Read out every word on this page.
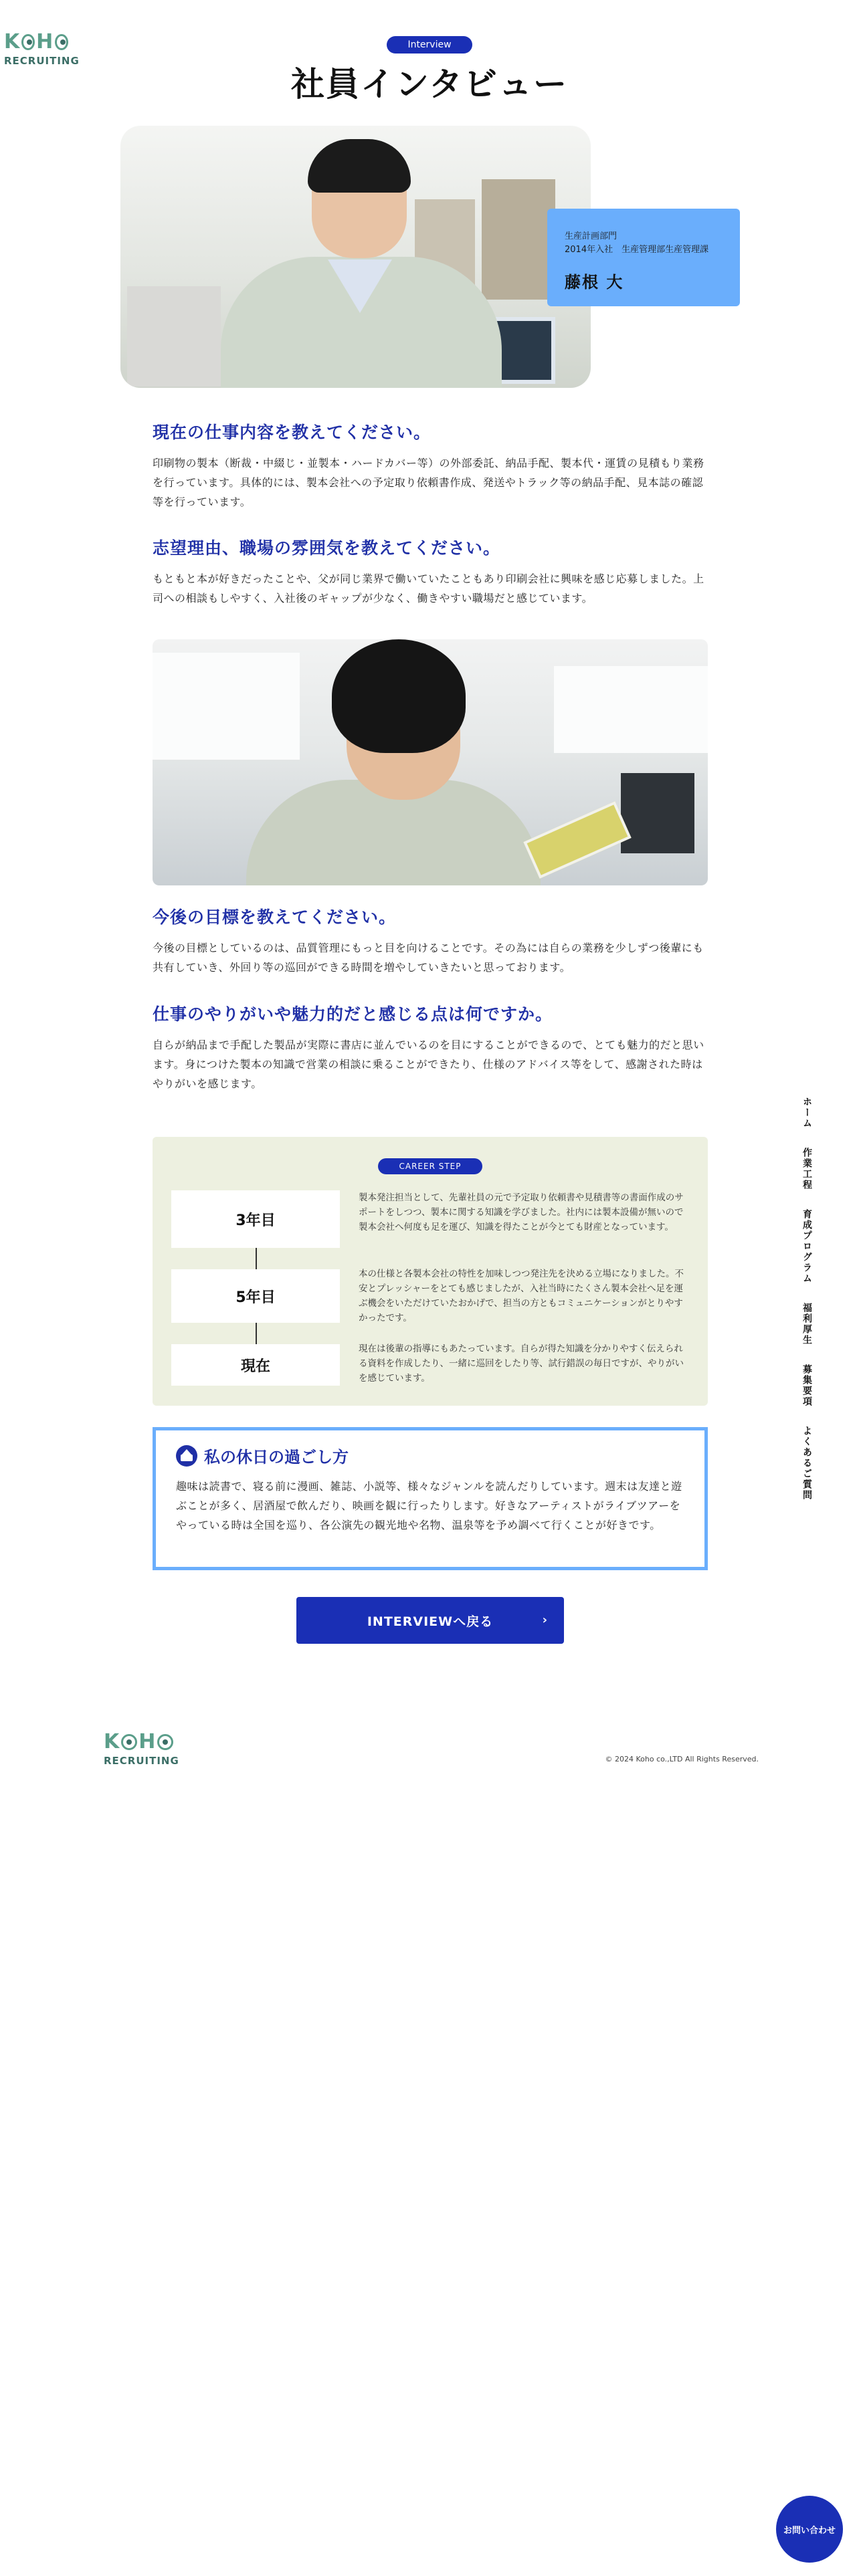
K H
RECRUITING
Interview
社員インタビュー
生産計画部門
2014年入社　生産管理部生産管理課
藤根 大
現在の仕事内容を教えてください。

印刷物の製本（断裁・中綴じ・並製本・ハードカバー等）の外部委託、納品手配、製本代・運賃の見積もり業務を行っています。具体的には、製本会社への予定取り依頼書作成、発送やトラック等の納品手配、見本誌の確認等を行っています。

志望理由、職場の雰囲気を教えてください。

もともと本が好きだったことや、父が同じ業界で働いていたこともあり印刷会社に興味を感じ応募しました。上司への相談もしやすく、入社後のギャップが少なく、働きやすい職場だと感じています。

今後の目標を教えてください。

今後の目標としているのは、品質管理にもっと目を向けることです。その為には自らの業務を少しずつ後輩にも共有していき、外回り等の巡回ができる時間を増やしていきたいと思っております。

仕事のやりがいや魅力的だと感じる点は何ですか。

自らが納品まで手配した製品が実際に書店に並んでいるのを目にすることができるので、とても魅力的だと思います。身につけた製本の知識で営業の相談に乗ることができたり、仕様のアドバイス等をして、感謝された時はやりがいを感じます。

CAREER STEP
3年目
製本発注担当として、先輩社員の元で予定取り依頼書や見積書等の書面作成のサポートをしつつ、製本に関する知識を学びました。社内には製本設備が無いので製本会社へ何度も足を運び、知識を得たことが今とても財産となっています。
5年目
本の仕様と各製本会社の特性を加味しつつ発注先を決める立場になりました。不安とプレッシャーをとても感じましたが、入社当時にたくさん製本会社へ足を運ぶ機会をいただけていたおかげで、担当の方ともコミュニケーションがとりやすかったです。
現在
現在は後輩の指導にもあたっています。自らが得た知識を分かりやすく伝えられる資料を作成したり、一緒に巡回をしたり等、試行錯誤の毎日ですが、やりがいを感じています。
私の休日の過ごし方

趣味は読書で、寝る前に漫画、雑誌、小説等、様々なジャンルを読んだりしています。週末は友達と遊ぶことが多く、居酒屋で飲んだり、映画を観に行ったりします。好きなアーティストがライブツアーをやっている時は全国を巡り、各公演先の観光地や名物、温泉等を予め調べて行くことが好きです。

INTERVIEWへ戻る	›
K H
RECRUITING	© 2024 Koho co.,LTD All Rights Reserved.
ホーム
作業工程
育成プログラム
福利厚生
募集要項
よくあるご質問
お問い合わせ
